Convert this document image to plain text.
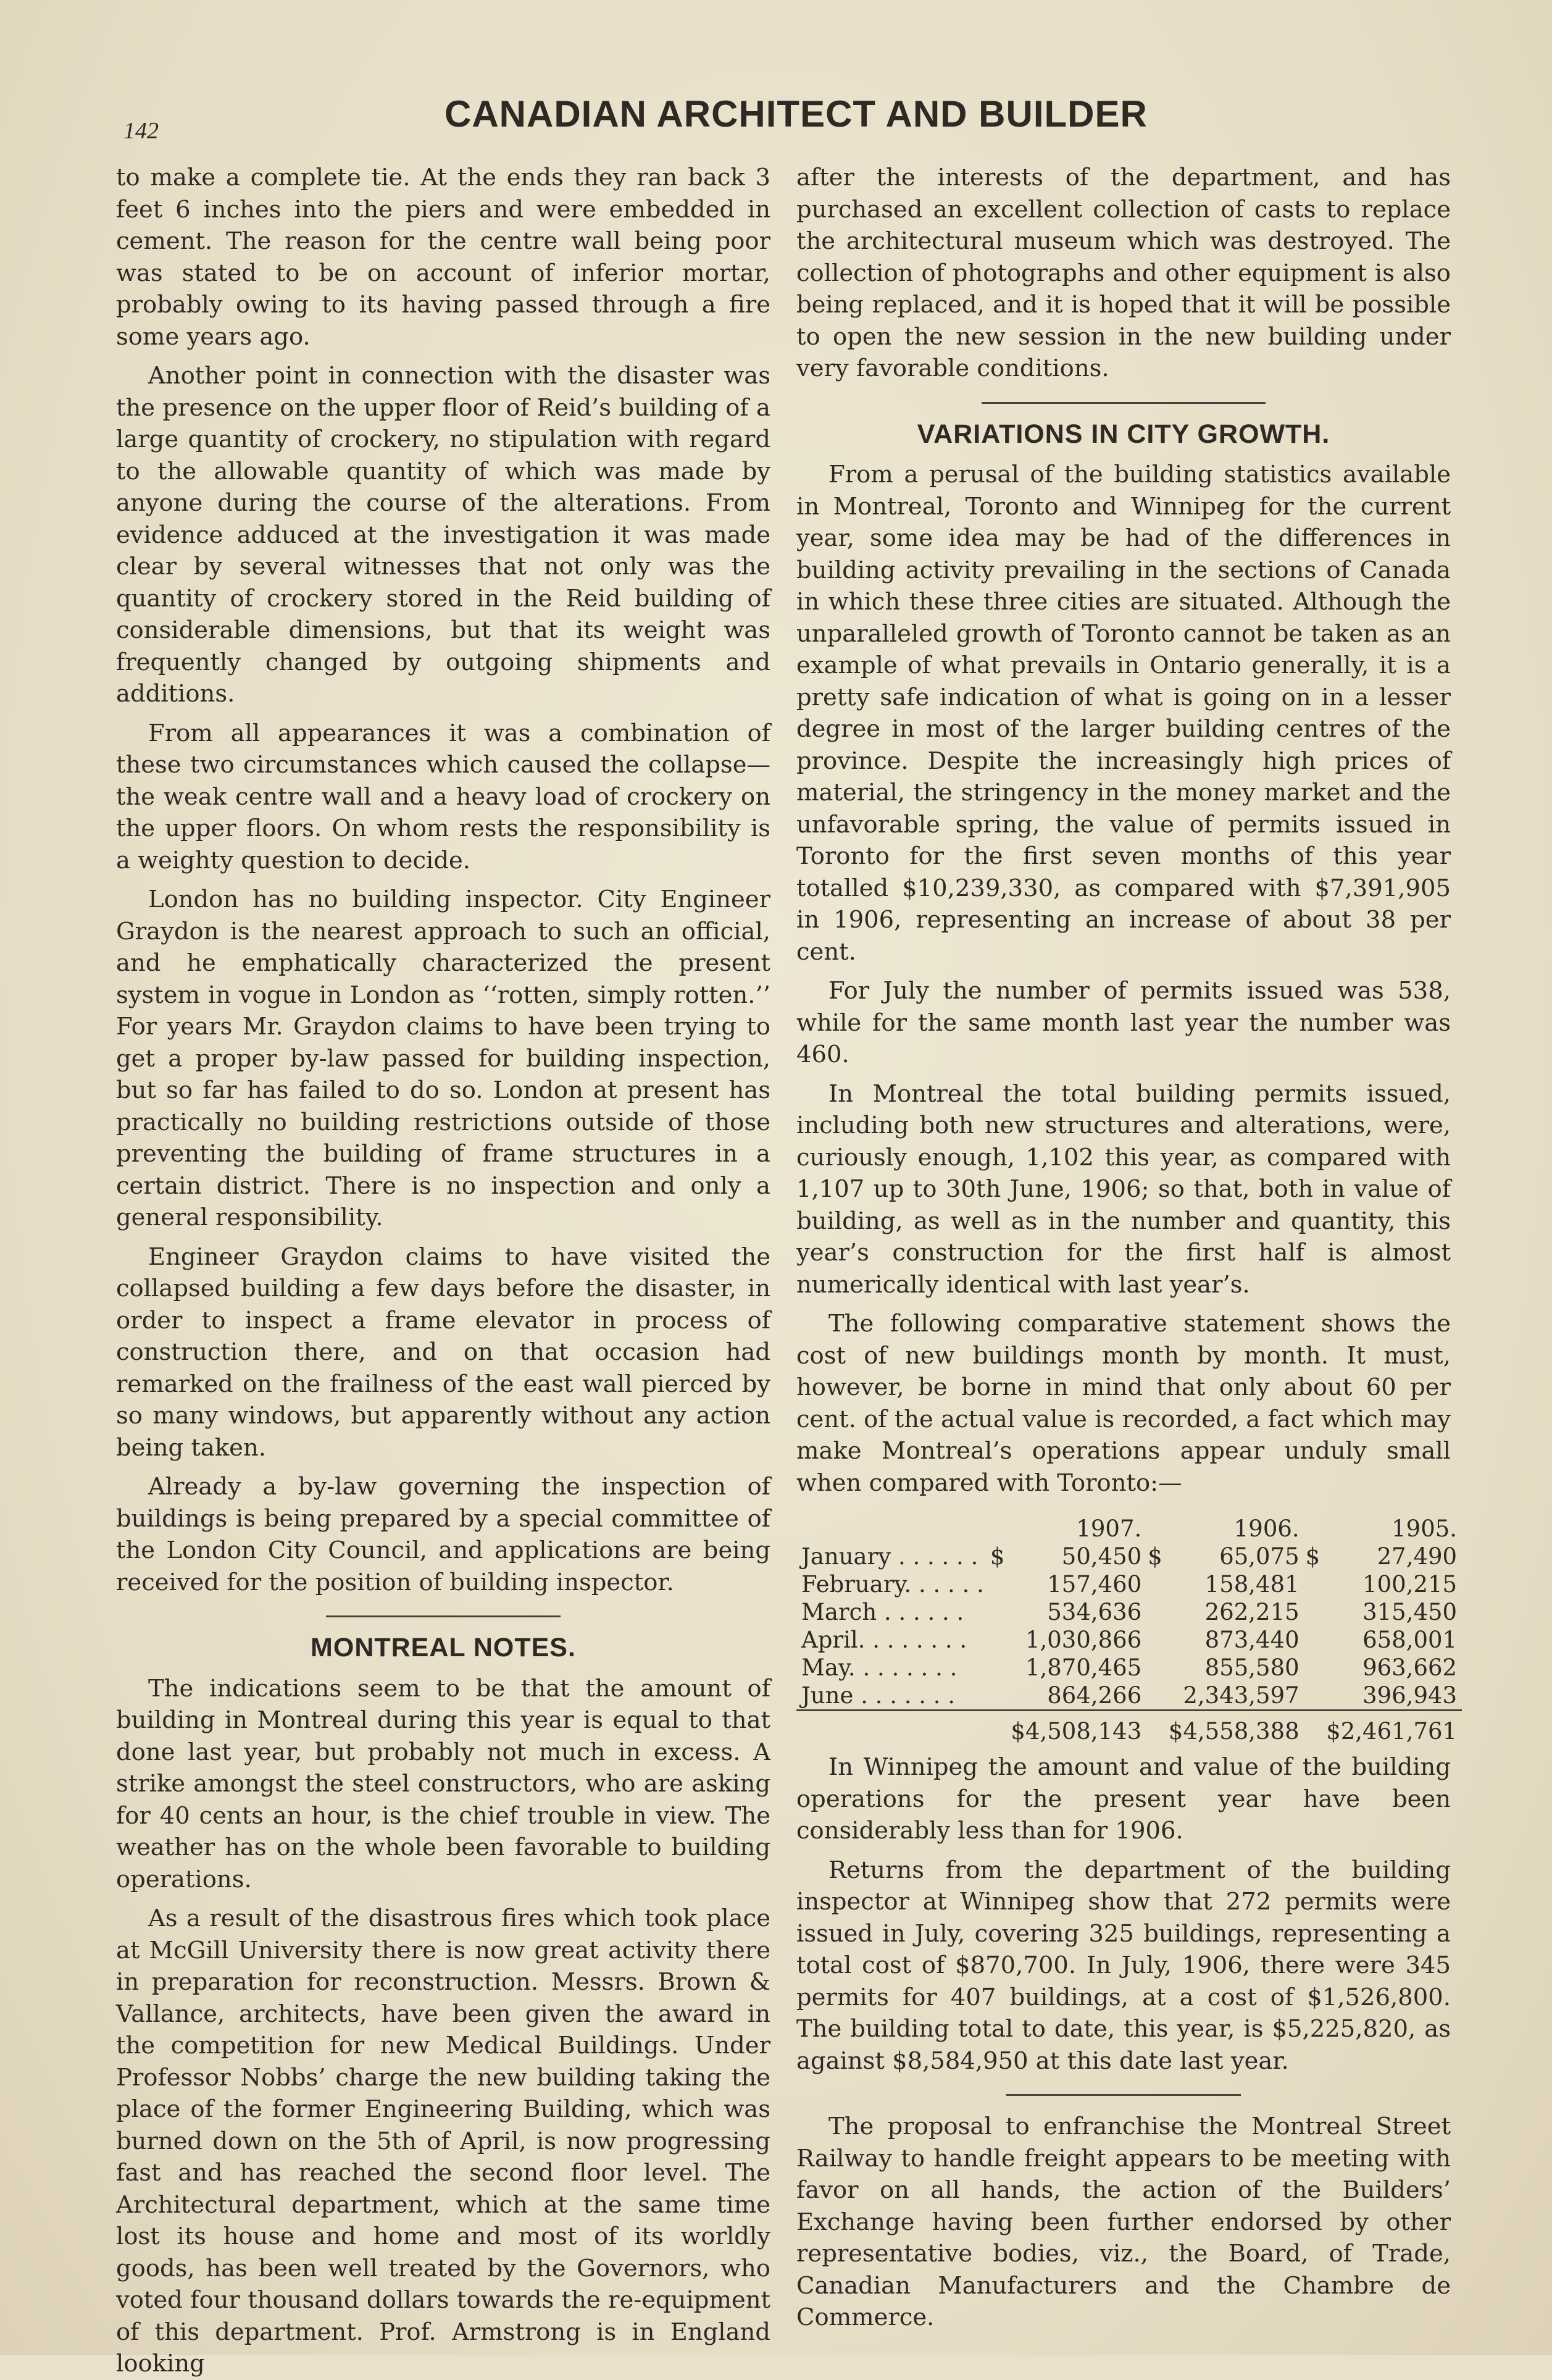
142	CANADIAN ARCHITECT AND BUILDER

to make a complete tie. At the ends they ran back 3 feet 6 inches into the piers and were embedded in cement. The reason for the centre wall being poor was stated to be on account of inferior mortar, probably owing to its having passed through a fire some years ago.

Another point in connection with the disaster was the presence on the upper floor of Reid’s building of a large quantity of crockery, no stipulation with regard to the allowable quantity of which was made by anyone during the course of the alterations. From evidence adduced at the investigation it was made clear by several witnesses that not only was the quantity of crockery stored in the Reid building of considerable dimensions, but that its weight was frequently changed by outgoing shipments and additions.

From all appearances it was a combination of these two circumstances which caused the collapse—the weak centre wall and a heavy load of crockery on the upper floors. On whom rests the responsibility is a weighty question to decide.

London has no building inspector. City Engineer Graydon is the nearest approach to such an official, and he emphatically characterized the present system in vogue in London as ‘‘rotten, simply rotten.’’ For years Mr. Graydon claims to have been trying to get a proper by-law passed for building inspection, but so far has failed to do so. London at present has practically no building restrictions outside of those preventing the building of frame structures in a certain district. There is no inspection and only a general responsibility.

Engineer Graydon claims to have visited the collapsed building a few days before the disaster, in order to inspect a frame elevator in process of construction there, and on that occasion had remarked on the frailness of the east wall pierced by so many windows, but apparently without any action being taken.

Already a by-law governing the inspection of buildings is being prepared by a special committee of the London City Council, and applications are being received for the position of building inspector.

MONTREAL NOTES.

The indications seem to be that the amount of building in Montreal during this year is equal to that done last year, but probably not much in excess. A strike amongst the steel constructors, who are asking for 40 cents an hour, is the chief trouble in view. The weather has on the whole been favorable to building operations.

As a result of the disastrous fires which took place at McGill University there is now great activity there in preparation for reconstruction. Messrs. Brown & Vallance, architects, have been given the award in the competition for new Medical Buildings. Under Professor Nobbs’ charge the new building taking the place of the former Engineering Building, which was burned down on the 5th of April, is now progressing fast and has reached the second floor level. The Architectural department, which at the same time lost its house and home and most of its worldly goods, has been well treated by the Governors, who voted four thousand dollars towards the re-equipment of this department. Prof. Armstrong is in England looking

after the interests of the department, and has purchased an excellent collection of casts to replace the architectural museum which was destroyed. The collection of photographs and other equipment is also being replaced, and it is hoped that it will be possible to open the new session in the new building under very favorable conditions.

VARIATIONS IN CITY GROWTH.

From a perusal of the building statistics available in Montreal, Toronto and Winnipeg for the current year, some idea may be had of the differences in building activity prevailing in the sections of Canada in which these three cities are situated. Although the unparalleled growth of Toronto cannot be taken as an example of what prevails in Ontario generally, it is a pretty safe indication of what is going on in a lesser degree in most of the larger building centres of the province. Despite the increasingly high prices of material, the stringency in the money market and the unfavorable spring, the value of permits issued in Toronto for the first seven months of this year totalled $10,239,330, as compared with $7,391,905 in 1906, representing an increase of about 38 per cent.

For July the number of permits issued was 538, while for the same month last year the number was 460.

In Montreal the total building permits issued, including both new structures and alterations, were, curiously enough, 1,102 this year, as compared with 1,107 up to 30th June, 1906; so that, both in value of building, as well as in the number and quantity, this year’s construction for the first half is almost numerically identical with last year’s.

The following comparative statement shows the cost of new buildings month by month. It must, however, be borne in mind that only about 60 per cent. of the actual value is recorded, a fact which may make Montreal’s operations appear unduly small when compared with Toronto:—

		1907.		1906.		1905.
January . . . . . .	$	50,450	$	65,075	$	27,490
February. . . . . .		157,460		158,481		100,215
March . . . . . .		534,636		262,215		315,450
April. . . . . . . .		1,030,866		873,440		658,001
May. . . . . . . .		1,870,465		855,580		963,662
June . . . . . . .		864,266		2,343,597		396,943
		$4,508,143		$4,558,388		$2,461,761

In Winnipeg the amount and value of the building operations for the present year have been considerably less than for 1906.

Returns from the department of the building inspector at Winnipeg show that 272 permits were issued in July, covering 325 buildings, representing a total cost of $870,700. In July, 1906, there were 345 permits for 407 buildings, at a cost of $1,526,800. The building total to date, this year, is $5,225,820, as against $8,584,950 at this date last year.

The proposal to enfranchise the Montreal Street Railway to handle freight appears to be meeting with favor on all hands, the action of the Builders’ Exchange having been further endorsed by other representative bodies, viz., the Board, of Trade, Canadian Manufacturers and the Chambre de Commerce.
